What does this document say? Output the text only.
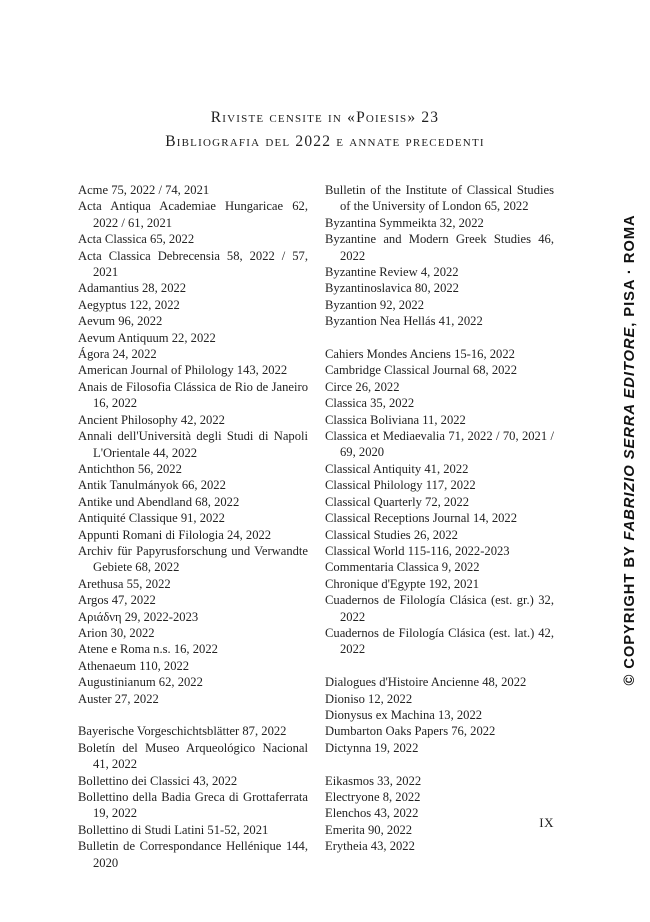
Riviste censite in «Poiesis» 23
Bibliografia del 2022 e annate precedenti
Acme 75, 2022 / 74, 2021
Acta Antiqua Academiae Hungaricae 62, 2022 / 61, 2021
Acta Classica 65, 2022
Acta Classica Debrecensia 58, 2022 / 57, 2021
Adamantius 28, 2022
Aegyptus 122, 2022
Aevum 96, 2022
Aevum Antiquum 22, 2022
Ágora 24, 2022
American Journal of Philology 143, 2022
Anais de Filosofia Clássica de Rio de Janeiro 16, 2022
Ancient Philosophy 42, 2022
Annali dell'Università degli Studi di Napoli L'Orientale 44, 2022
Antichthon 56, 2022
Antik Tanulmányok 66, 2022
Antike und Abendland 68, 2022
Antiquité Classique 91, 2022
Appunti Romani di Filologia 24, 2022
Archiv für Papyrusforschung und Verwandte Gebiete 68, 2022
Arethusa 55, 2022
Argos 47, 2022
Αριάδνη 29, 2022-2023
Arion 30, 2022
Atene e Roma n.s. 16, 2022
Athenaeum 110, 2022
Augustinianum 62, 2022
Auster 27, 2022
Bayerische Vorgeschichtsblätter 87, 2022
Boletín del Museo Arqueológico Nacional 41, 2022
Bollettino dei Classici 43, 2022
Bollettino della Badia Greca di Grottaferrata 19, 2022
Bollettino di Studi Latini 51-52, 2021
Bulletin de Correspondance Hellénique 144, 2020
Bulletin of the Institute of Classical Studies of the University of London 65, 2022
Byzantina Symmeikta 32, 2022
Byzantine and Modern Greek Studies 46, 2022
Byzantine Review 4, 2022
Byzantinoslavica 80, 2022
Byzantion 92, 2022
Byzantion Nea Hellás 41, 2022
Cahiers Mondes Anciens 15-16, 2022
Cambridge Classical Journal 68, 2022
Circe 26, 2022
Classica 35, 2022
Classica Boliviana 11, 2022
Classica et Mediaevalia 71, 2022 / 70, 2021 / 69, 2020
Classical Antiquity 41, 2022
Classical Philology 117, 2022
Classical Quarterly 72, 2022
Classical Receptions Journal 14, 2022
Classical Studies 26, 2022
Classical World 115-116, 2022-2023
Commentaria Classica 9, 2022
Chronique d'Egypte 192, 2021
Cuadernos de Filología Clásica (est. gr.) 32, 2022
Cuadernos de Filología Clásica (est. lat.) 42, 2022
Dialogues d'Histoire Ancienne 48, 2022
Dioniso 12, 2022
Dionysus ex Machina 13, 2022
Dumbarton Oaks Papers 76, 2022
Dictynna 19, 2022
Eikasmos 33, 2022
Electryone 8, 2022
Elenchos 43, 2022
Emerita 90, 2022
Erytheia 43, 2022
IX
© COPYRIGHT BY FABRIZIO SERRA EDITORE, PISA · ROMA
